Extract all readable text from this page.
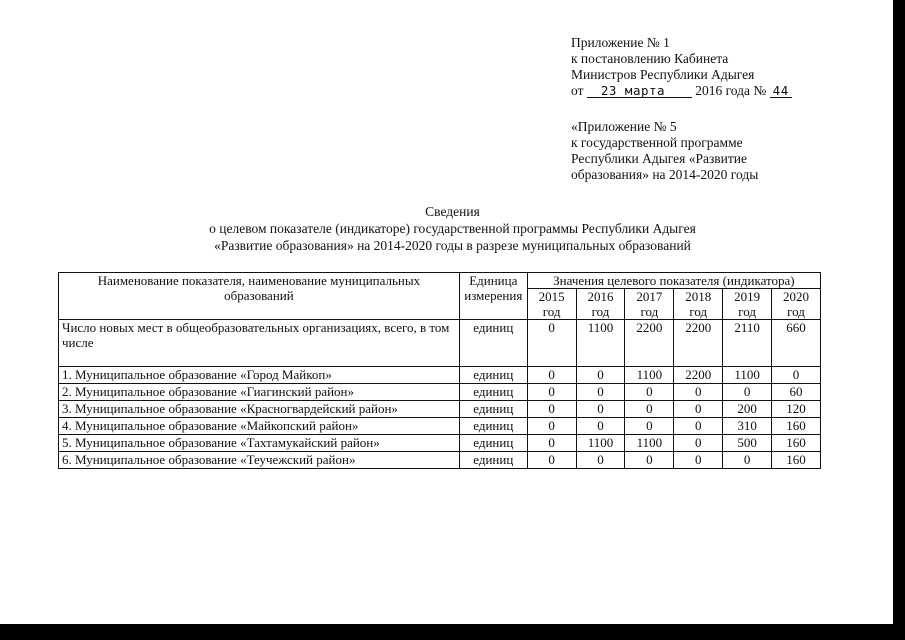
Приложение № 1
к постановлению Кабинета
Министров Республики Адыгея
от 23 марта 2016 года № 44
«Приложение № 5
к государственной программе
Республики Адыгея «Развитие
образования» на 2014-2020 годы
Сведения
о целевом показателе (индикаторе) государственной программы Республики Адыгея
«Развитие образования» на 2014-2020 годы в разрезе муниципальных образований
Наименование показателя, наименование муниципальных образований	Единица измерения	Значения целевого показателя (индикатора)					
		2015 год	2016 год	2017 год	2018 год	2019 год	2020 год
Число новых мест в общеобразовательных организациях, всего, в том числе	единиц	0	1100	2200	2200	2110	660
1. Муниципальное образование «Город Майкоп»	единиц	0	0	1100	2200	1100	0
2. Муниципальное образование «Гиагинский район»	единиц	0	0	0	0	0	60
3. Муниципальное образование «Красногвардейский район»	единиц	0	0	0	0	200	120
4. Муниципальное образование «Майкопский район»	единиц	0	0	0	0	310	160
5. Муниципальное образование «Тахтамукайский район»	единиц	0	1100	1100	0	500	160
6. Муниципальное образование «Теучежский район»	единиц	0	0	0	0	0	160
